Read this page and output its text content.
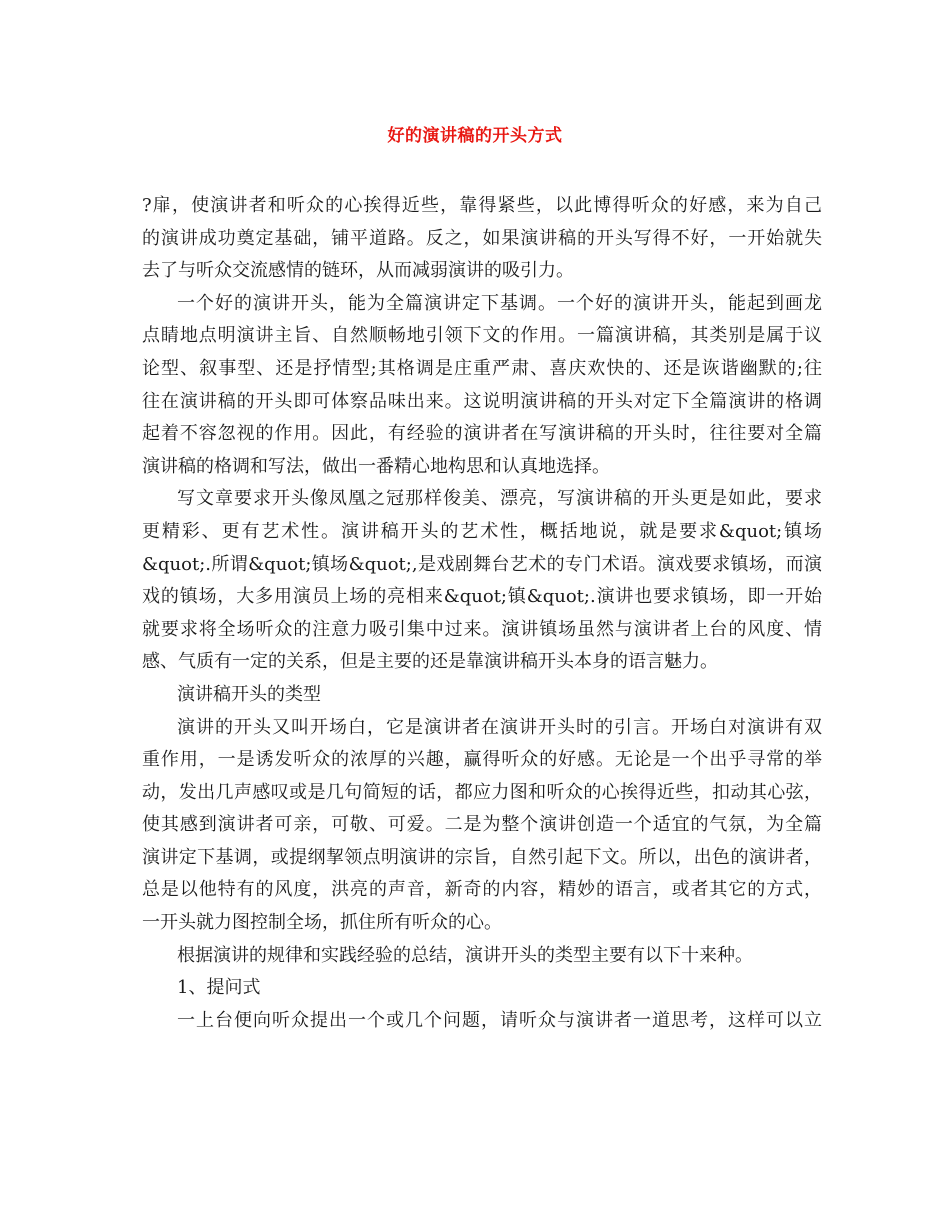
好的演讲稿的开头方式
?扉，使演讲者和听众的心挨得近些，靠得紧些，以此博得听众的好感，来为自己
的演讲成功奠定基础，铺平道路。反之，如果演讲稿的开头写得不好，一开始就失
去了与听众交流感情的链环，从而减弱演讲的吸引力。
一个好的演讲开头，能为全篇演讲定下基调。一个好的演讲开头，能起到画龙
点睛地点明演讲主旨、自然顺畅地引领下文的作用。一篇演讲稿，其类别是属于议
论型、叙事型、还是抒情型;其格调是庄重严肃、喜庆欢快的、还是诙谐幽默的;往
往在演讲稿的开头即可体察品味出来。这说明演讲稿的开头对定下全篇演讲的格调
起着不容忽视的作用。因此，有经验的演讲者在写演讲稿的开头时，往往要对全篇
演讲稿的格调和写法，做出一番精心地构思和认真地选择。
写文章要求开头像凤凰之冠那样俊美、漂亮，写演讲稿的开头更是如此，要求
更精彩、更有艺术性。演讲稿开头的艺术性，概括地说，就是要求&quot;镇场
&quot;.所谓&quot;镇场&quot;,是戏剧舞台艺术的专门术语。演戏要求镇场，而演
戏的镇场，大多用演员上场的亮相来&quot;镇&quot;.演讲也要求镇场，即一开始
就要求将全场听众的注意力吸引集中过来。演讲镇场虽然与演讲者上台的风度、情
感、气质有一定的关系，但是主要的还是靠演讲稿开头本身的语言魅力。
演讲稿开头的类型
演讲的开头又叫开场白，它是演讲者在演讲开头时的引言。开场白对演讲有双
重作用，一是诱发听众的浓厚的兴趣，赢得听众的好感。无论是一个出乎寻常的举
动，发出几声感叹或是几句简短的话，都应力图和听众的心挨得近些，扣动其心弦，
使其感到演讲者可亲，可敬、可爱。二是为整个演讲创造一个适宜的气氛，为全篇
演讲定下基调，或提纲挈领点明演讲的宗旨，自然引起下文。所以，出色的演讲者，
总是以他特有的风度，洪亮的声音，新奇的内容，精妙的语言，或者其它的方式，
一开头就力图控制全场，抓住所有听众的心。
根据演讲的规律和实践经验的总结，演讲开头的类型主要有以下十来种。
1、提问式
一上台便向听众提出一个或几个问题，请听众与演讲者一道思考，这样可以立
